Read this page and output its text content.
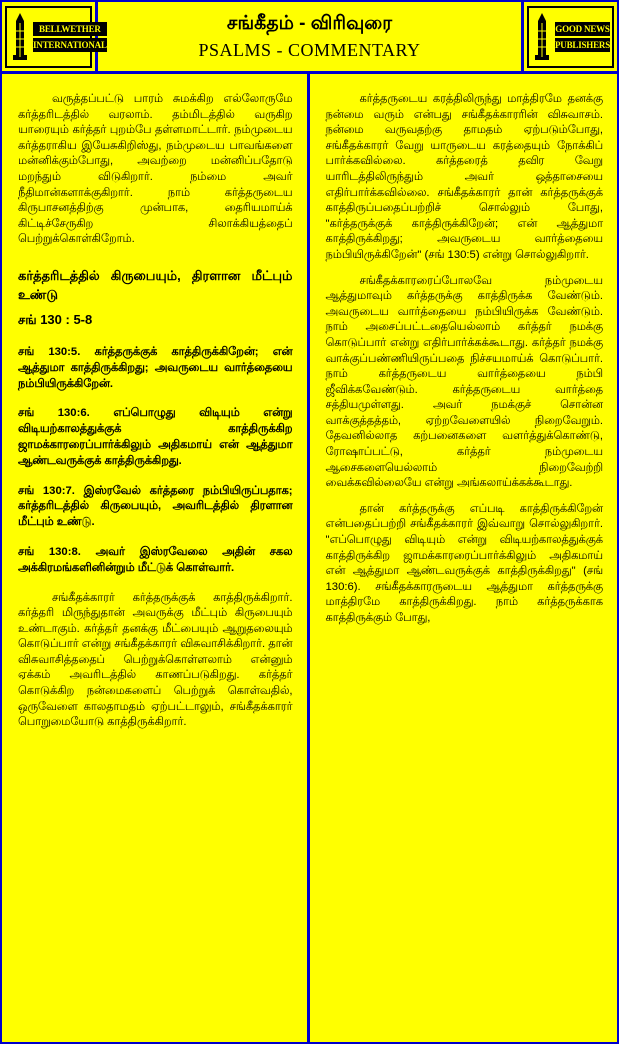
BELLWETHER
INTERNATIONAL
சங்கீதம் - விரிவுரை
PSALMS - COMMENTARY
GOOD NEWS
PUBLISHERS

வருத்தப்பட்டு பாரம் சுமக்கிற எல்லோருமே கர்த்தரிடத்தில் வரலாம். தம்மிடத்தில் வருகிற யாரையும் கர்த்தர் புறம்பே தள்ளமாட்டார். நம்முடைய கர்த்தராகிய இயேசுகிறிஸ்து, நம்முடைய பாவங்களை மன்னிக்கும்போது, அவற்றை மன்னிப்பதோடு மறந்தும் விடுகிறார். நம்மை அவர் நீதிமான்களாக்குகிறார். நாம் கர்த்தருடைய கிருபாசனத்திற்கு முன்பாக, தைரியமாய்க் கிட்டிச்சேருகிற சிலாக்கியத்தைப் பெற்றுக்கொள்கிறோம்.

கர்த்தரிடத்தில் கிருபையும், திரளான மீட்பும் உண்டு

சங் 130 : 5-8

சங் 130:5. கர்த்தருக்குக் காத்திருக்கிறேன்; என் ஆத்துமா காத்திருக்கிறது; அவருடைய வார்த்தையை நம்பியிருக்கிறேன்.

சங் 130:6. எப்பொழுது விடியும் என்று விடியற்காலத்துக்குக் காத்திருக்கிற ஜாமக்காரரைப்பார்க்கிலும் அதிகமாய் என் ஆத்துமா ஆண்டவருக்குக் காத்திருக்கிறது.

சங் 130:7. இஸ்ரவேல் கர்த்தரை நம்பியிருப்பதாக; கர்த்தரிடத்தில் கிருபையும், அவரிடத்தில் திரளான மீட்பும் உண்டு.

சங் 130:8. அவர் இஸ்ரவேலை அதின் சகல அக்கிரமங்களினின்றும் மீட்டுக் கொள்வார்.

சங்கீதக்காரர் கர்த்தருக்குக் காத்திருக்கிறார். கர்த்தரி மிருந்துதான் அவருக்கு மீட்பும் கிருபையும் உண்டாகும். கர்த்தர் தனக்கு மீட்பையும் ஆறுதலையும் கொடுப்பார் என்று சங்கீதக்காரர் விசுவாசிக்கிறார். தான் விசுவாசித்ததைப் பெற்றுக்கொள்ளலாம் என்னும் ஏக்கம் அவரிடத்தில் காணப்படுகிறது. கர்த்தர் கொடுக்கிற நன்மைகளைப் பெற்றுக் கொள்வதில், ஒருவேளை காலதாமதம் ஏற்பட்டாலும், சங்கீதக்காரர் பொறுமையோடு காத்திருக்கிறார்.

கர்த்தருடைய கரத்திலிருந்து மாத்திரமே தனக்கு நன்மை வரும் என்பது சங்கீதக்காரரின் விசுவாசம். நன்மை வருவதற்கு தாமதம் ஏற்படும்போது, சங்கீதக்காரர் வேறு யாருடைய கரத்தையும் நோக்கிப் பார்க்கவில்லை. கர்த்தரைத் தவிர வேறு யாரிடத்திலிருந்தும் அவர் ஒத்தாசையை எதிர்பார்க்கவில்லை. சங்கீதக்காரர் தான் கர்த்தருக்குக் காத்திருப்பதைப்பற்றிச் சொல்லும் போது, "கர்த்தருக்குக் காத்திருக்கிறேன்; என் ஆத்துமா காத்திருக்கிறது; அவருடைய வார்த்தையை நம்பியிருக்கிறேன்" (சங் 130:5) என்று சொல்லுகிறார்.

சங்கீதக்காரரைப்போலவே நம்முடைய ஆத்துமாவும் கர்த்தருக்கு காத்திருக்க வேண்டும். அவருடைய வார்த்தையை நம்பியிருக்க வேண்டும். நாம் அசைப்பட்டதையெல்லாம் கர்த்தர் நமக்கு கொடுப்பார் என்று எதிர்பார்க்கக்கூடாது. கர்த்தர் நமக்கு வாக்குப்பண்ணியிருப்பதை நிச்சயமாய்க் கொடுப்பார். நாம் கர்த்தருடைய வார்த்தையை நம்பி ஜீவிக்கவேண்டும். கர்த்தருடைய வார்த்தை சத்தியமுள்ளது. அவர் நமக்குச் சொன்ன வாக்குத்தத்தம், ஏற்றவேளையில் நிறைவேறும். தேவனில்லாத கற்பனைகளை வளர்த்துக்கொண்டு, ரோஷாப்பட்டு, கர்த்தர் நம்முடைய ஆசைகளையெல்லாம் நிறைவேற்றி வைக்கவில்லையே என்று அங்கலாய்க்கக்கூடாது.

தான் கர்த்தருக்கு எப்படி காத்திருக்கிறேன் என்பதைப்பற்றி சங்கீதக்காரர் இவ்வாறு சொல்லுகிறார். "எப்பொழுது விடியும் என்று விடியற்காலத்துக்குக் காத்திருக்கிற ஜாமக்காரரைப்பார்க்கிலும் அதிகமாய் என் ஆத்துமா ஆண்டவருக்குக் காத்திருக்கிறது" (சங் 130:6). சங்கீதக்காரருடைய ஆத்துமா கர்த்தருக்கு மாத்திரமே காத்திருக்கிறது. நாம் கர்த்தருக்காக காத்திருக்கும் போது,
